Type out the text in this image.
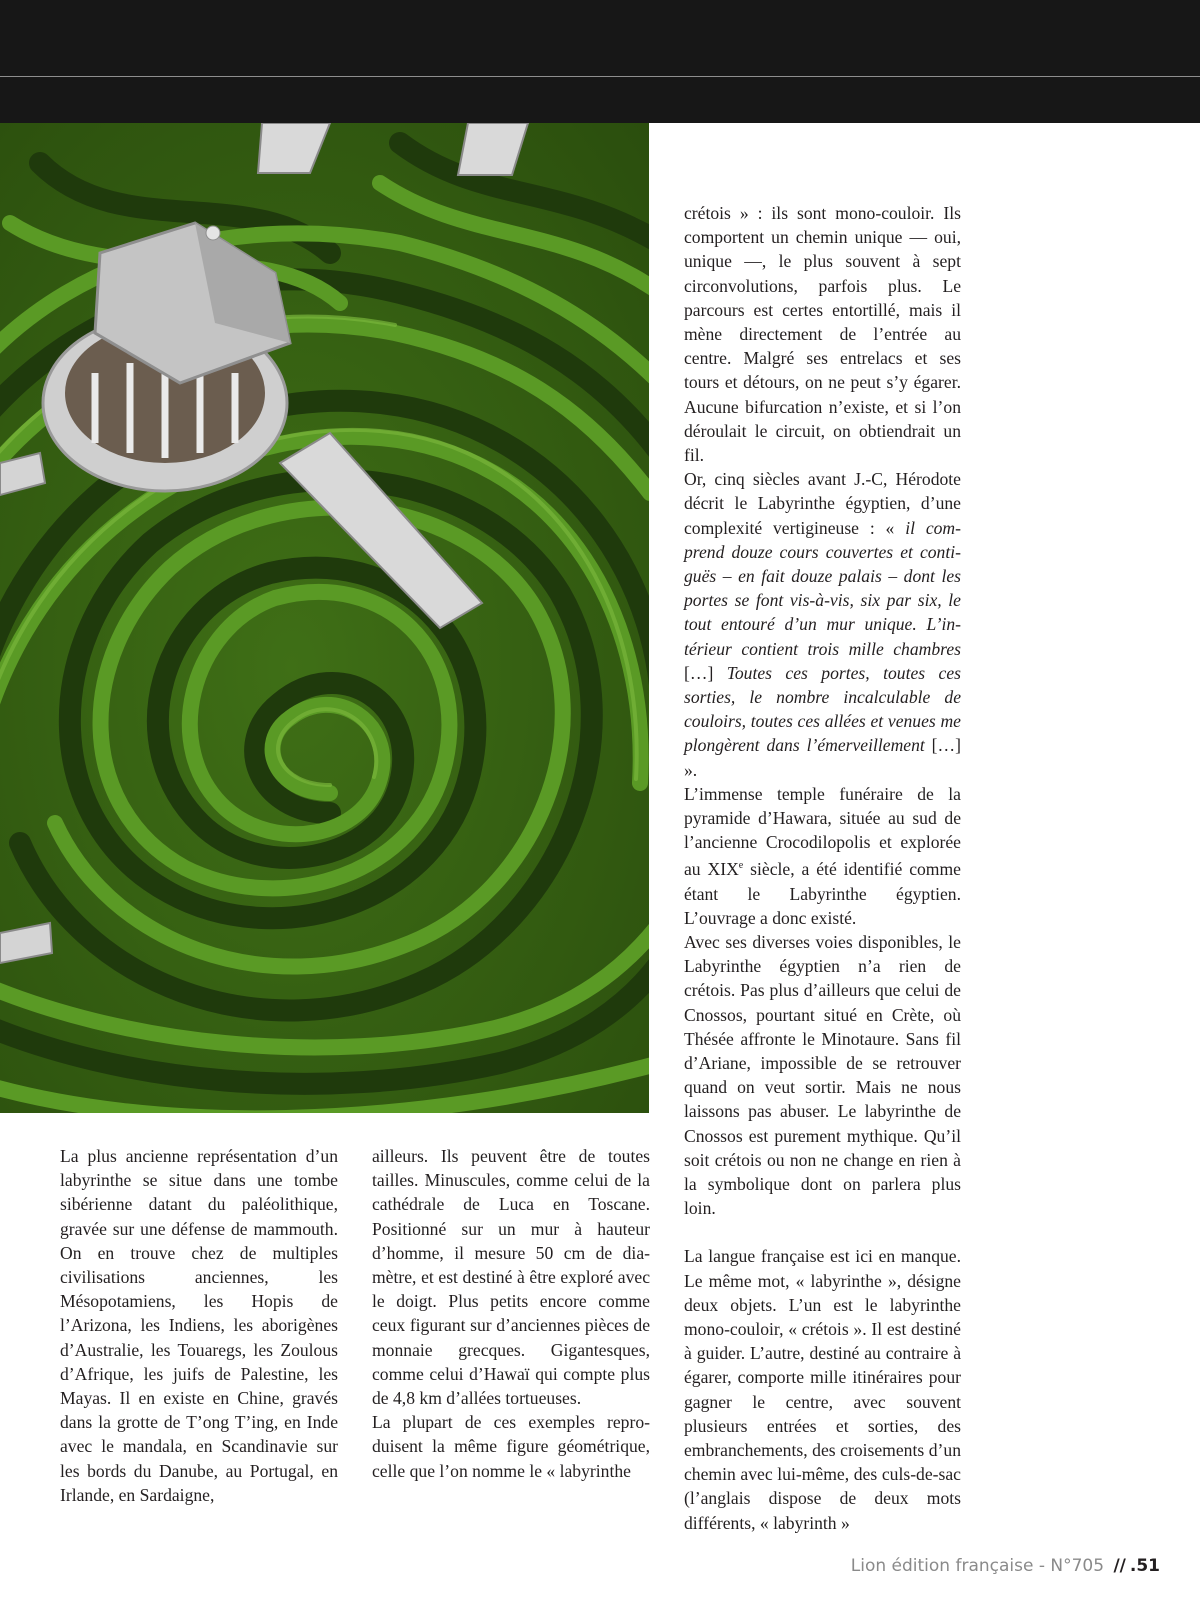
La plus ancienne représentation d’un labyrinthe se situe dans une tombe sibérienne datant du paléolithique, gravée sur une défense de mammouth. On en trouve chez de multiples civilisations anciennes, les Mésopotamiens, les Hopis de l’Arizona, les Indiens, les aborigènes d’Australie, les Touaregs, les Zoulous d’Afrique, les juifs de Palestine, les Mayas. Il en existe en Chine, gravés dans la grotte de T’ong T’ing, en Inde avec le mandala, en Scandinavie sur les bords du Danube, au Portugal, en Irlande, en Sardaigne,

ailleurs. Ils peuvent être de toutes tailles. Minuscules, comme celui de la cathédrale de Luca en Toscane. Positionné sur un mur à hauteur d’homme, il mesure 50 cm de diamètre, et est destiné à être exploré avec le doigt. Plus petits encore comme ceux figurant sur d’anciennes pièces de monnaie grecques. Gigantesques, comme celui d’Hawaï qui compte plus de 4,8 km d’allées tortueuses.

La plupart de ces exemples reproduisent la même figure géométrique, celle que l’on nomme le « labyrinthe

crétois » : ils sont mono-couloir. Ils comportent un chemin unique — oui, unique —, le plus souvent à sept circonvolutions, parfois plus. Le parcours est certes entortillé, mais il mène directement de l’entrée au centre. Malgré ses entrelacs et ses tours et détours, on ne peut s’y égarer. Aucune bifurcation n’existe, et si l’on déroulait le circuit, on obtiendrait un fil.

Or, cinq siècles avant J.-C, Hérodote décrit le Labyrinthe égyptien, d’une complexité vertigineuse : « il comprend douze cours couvertes et contiguës – en fait douze palais – dont les portes se font vis-à-vis, six par six, le tout entouré d’un mur unique. L’intérieur contient trois mille chambres […] Toutes ces portes, toutes ces sorties, le nombre incalculable de couloirs, toutes ces allées et venues me plongèrent dans l’émerveillement […] ».

L’immense temple funéraire de la pyramide d’Hawara, située au sud de l’ancienne Crocodilopolis et explorée au XIXe siècle, a été identifié comme étant le Labyrinthe égyptien. L’ouvrage a donc existé.

Avec ses diverses voies disponibles, le Labyrinthe égyptien n’a rien de crétois. Pas plus d’ailleurs que celui de Cnossos, pourtant situé en Crète, où Thésée affronte le Minotaure. Sans fil d’Ariane, impossible de se retrouver quand on veut sortir. Mais ne nous laissons pas abuser. Le labyrinthe de Cnossos est purement mythique. Qu’il soit crétois ou non ne change en rien à la symbolique dont on parlera plus loin.

La langue française est ici en manque. Le même mot, « labyrinthe », désigne deux objets. L’un est le labyrinthe mono-couloir, « crétois ». Il est destiné à guider. L’autre, destiné au contraire à égarer, comporte mille itinéraires pour gagner le centre, avec souvent plusieurs entrées et sorties, des embranchements, des croisements d’un chemin avec lui-même, des culs-de-sac (l’anglais dispose de deux mots différents, « labyrinth »

Lion édition française - N°705 // .51
